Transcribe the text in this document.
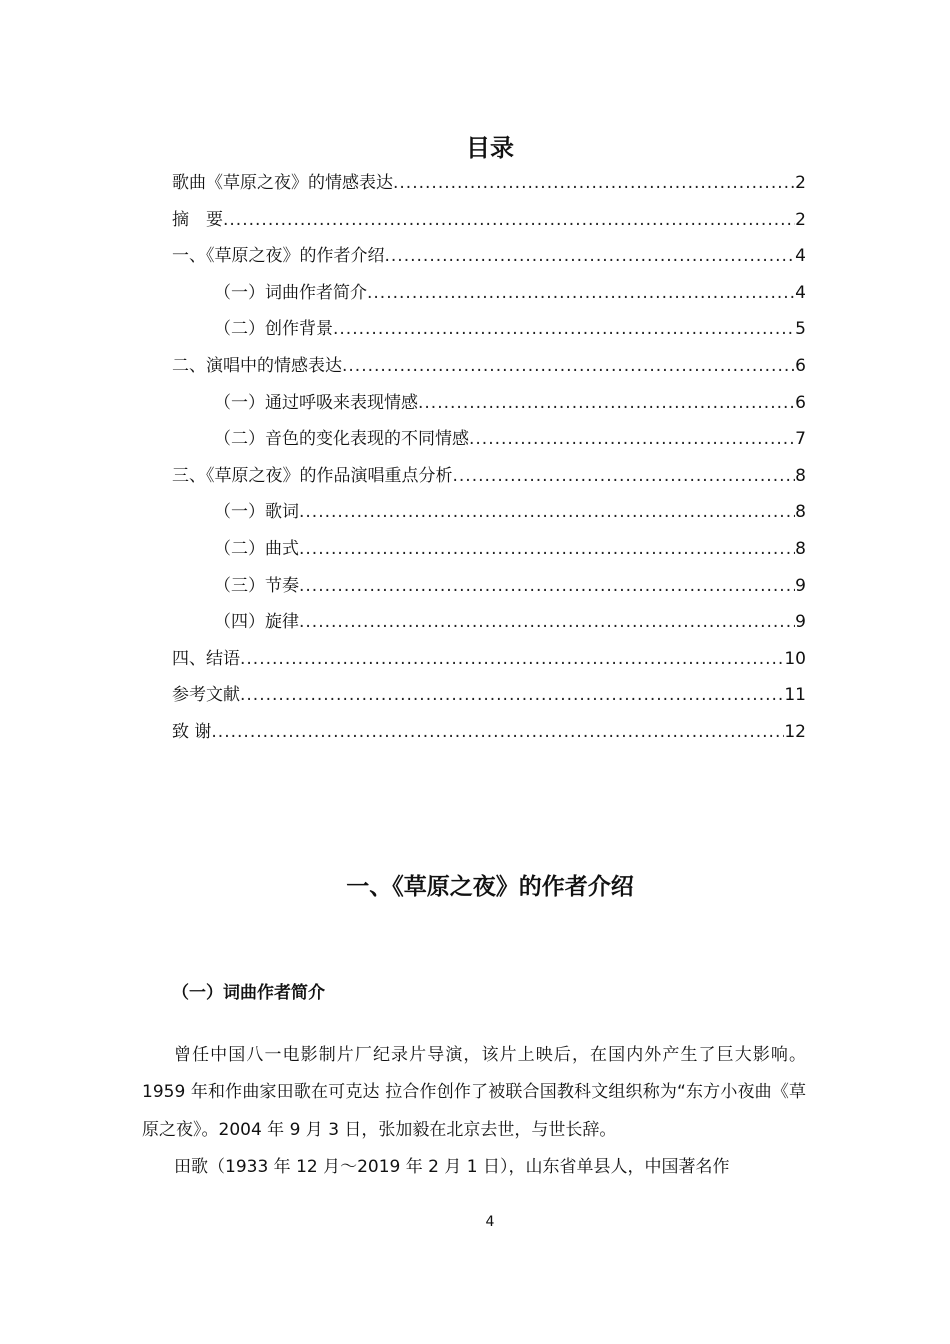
目录
歌曲《草原之夜》的情感表达 .....	2
摘　要 .....	2
一、《草原之夜》的作者介绍 .....	4
（一）词曲作者简介 .....	4
（二）创作背景 .....	5
二、演唱中的情感表达 .....	6
（一）通过呼吸来表现情感 .....	6
（二）音色的变化表现的不同情感 .....	7
三、《草原之夜》的作品演唱重点分析 .....	8
（一）歌词 .....	8
（二）曲式 .....	8
（三）节奏 .....	9
（四）旋律 .....	9
四、结语 .....	10
参考文献 .....	11
致 谢 .....	12
一、《草原之夜》的作者介绍
（一）词曲作者简介

曾任中国八一电影制片厂纪录片导演，该片上映后，在国内外产生了巨大影响。 1959 年和作曲家田歌在可克达 拉合作创作了被联合国教科文组织称为“东方小夜曲《草原之夜》。2004 年 9 月 3 日，张加毅在北京去世，与世长辞。

田歌（1933 年 12 月～2019 年 2 月 1 日），山东省单县人，中国著名作

4
